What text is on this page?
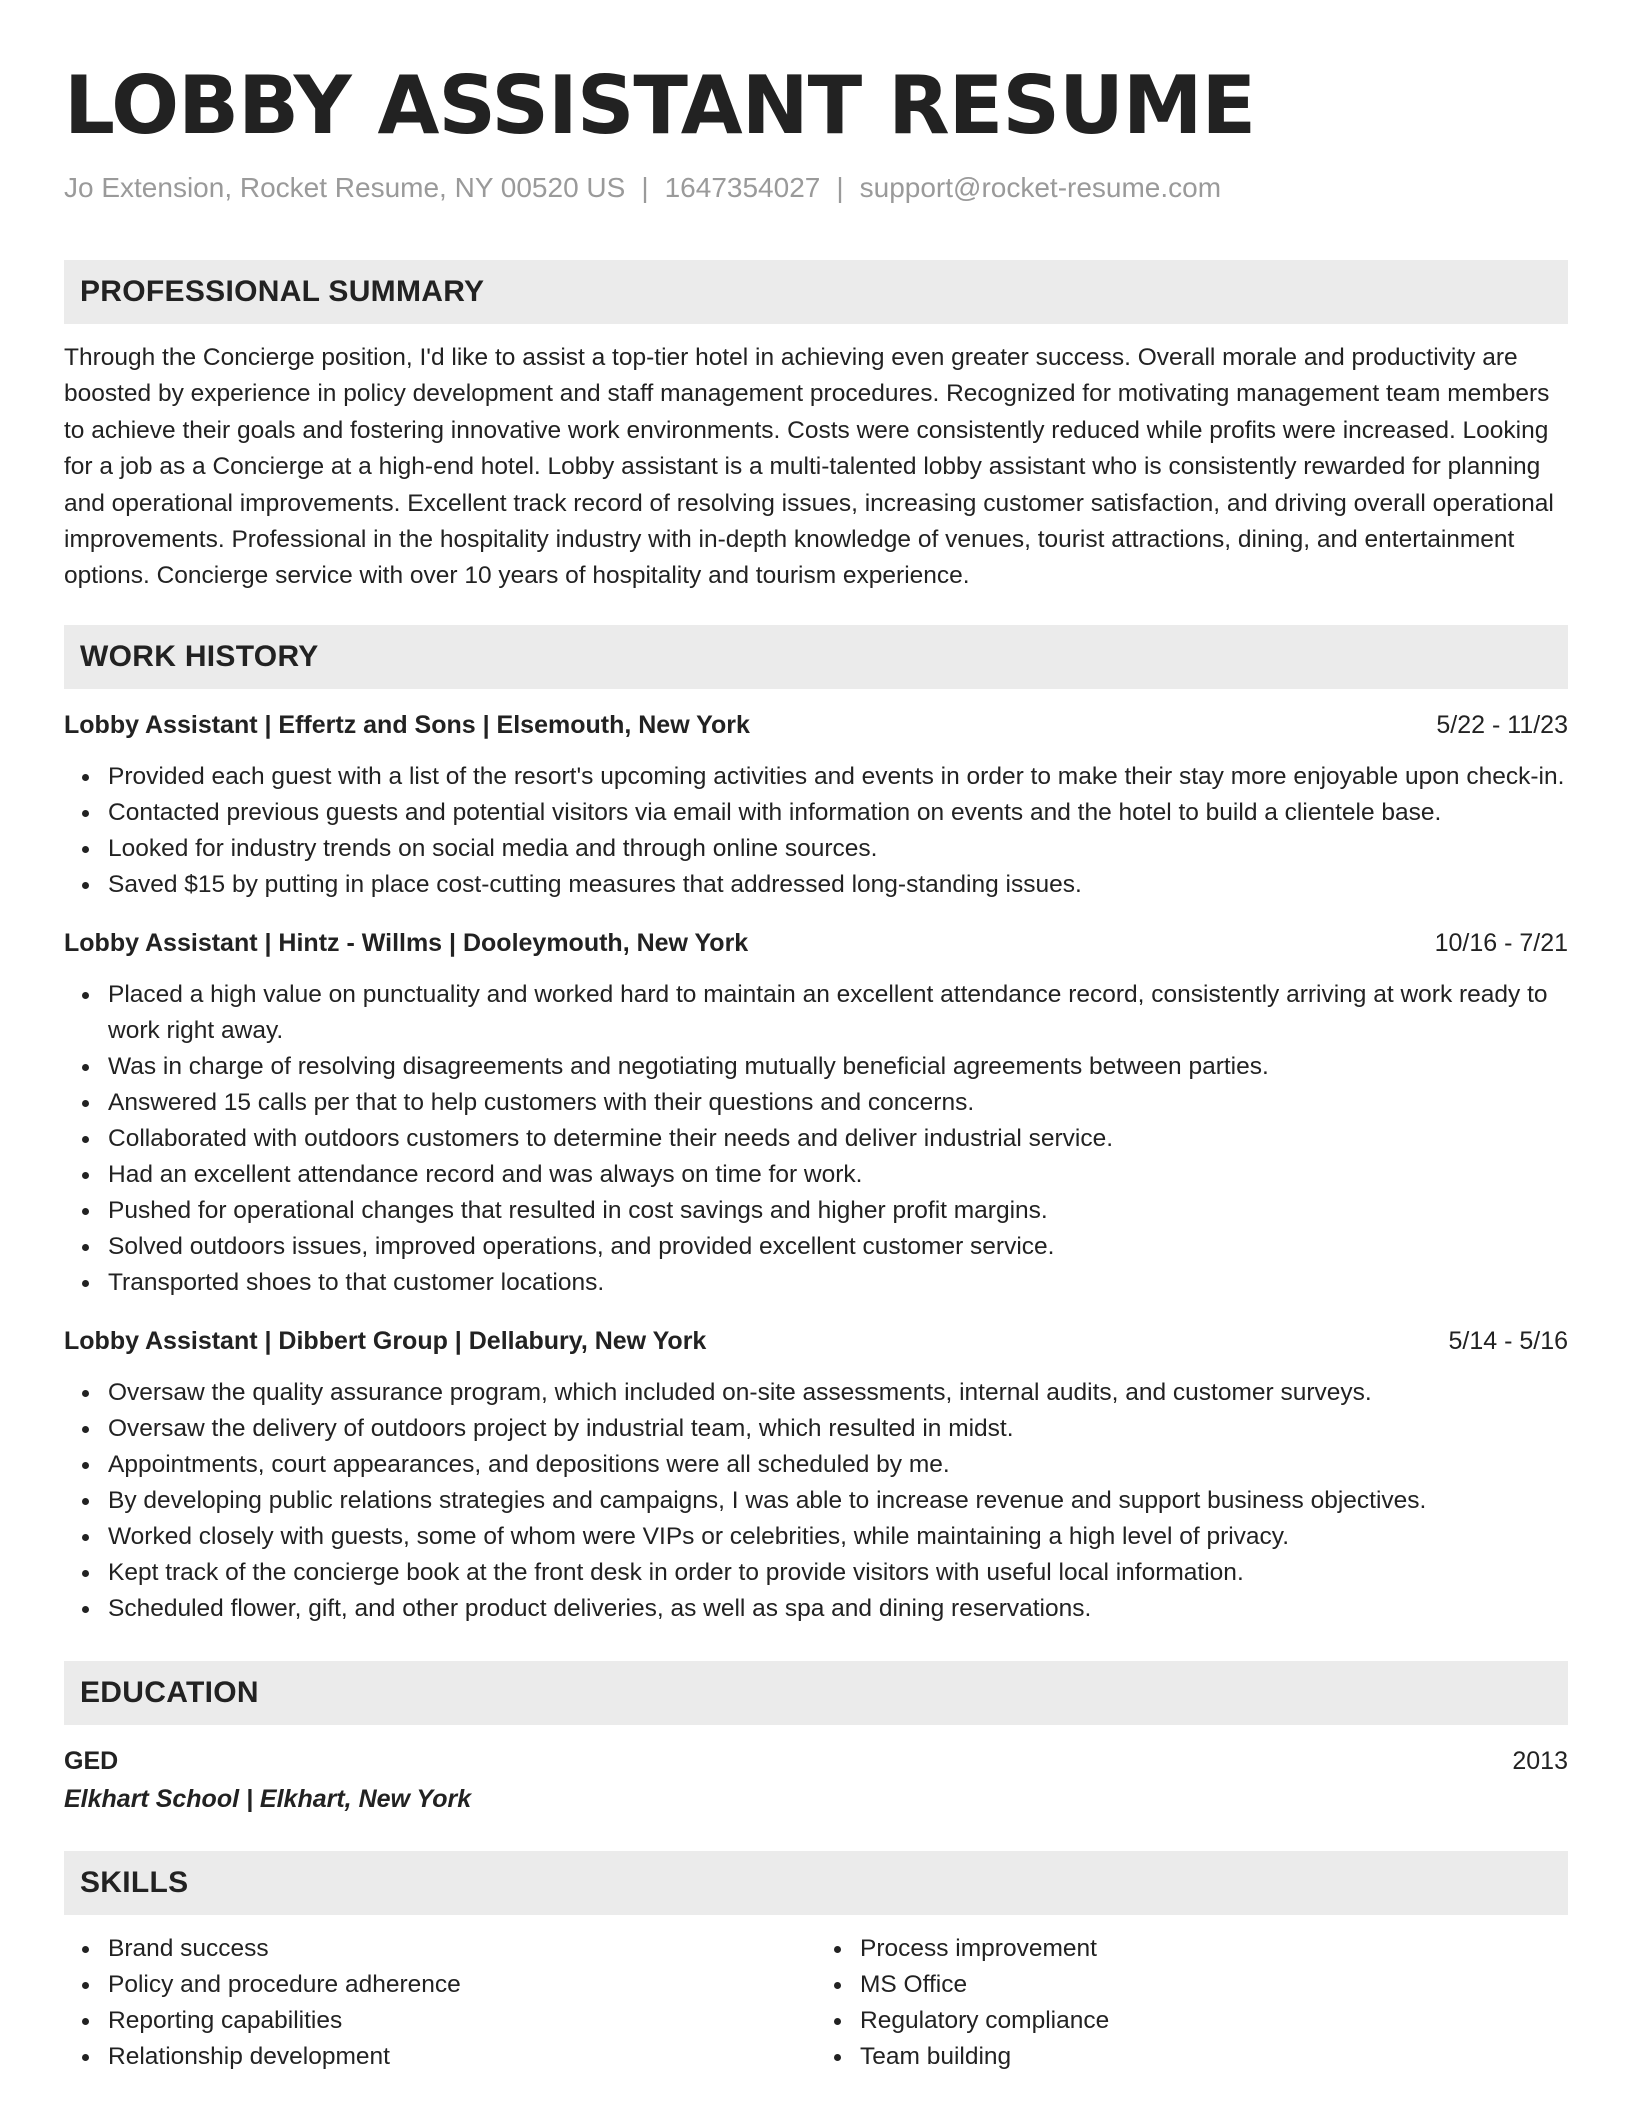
LOBBY ASSISTANT RESUME
Jo Extension, Rocket Resume, NY 00520 US | 1647354027 | support@rocket-resume.com
PROFESSIONAL SUMMARY
Through the Concierge position, I'd like to assist a top-tier hotel in achieving even greater success. Overall morale and productivity are boosted by experience in policy development and staff management procedures. Recognized for motivating management team members to achieve their goals and fostering innovative work environments. Costs were consistently reduced while profits were increased. Looking for a job as a Concierge at a high-end hotel. Lobby assistant is a multi-talented lobby assistant who is consistently rewarded for planning and operational improvements. Excellent track record of resolving issues, increasing customer satisfaction, and driving overall operational improvements. Professional in the hospitality industry with in-depth knowledge of venues, tourist attractions, dining, and entertainment options. Concierge service with over 10 years of hospitality and tourism experience.
WORK HISTORY
Lobby Assistant | Effertz and Sons | Elsemouth, New York	5/22 - 11/23
Provided each guest with a list of the resort's upcoming activities and events in order to make their stay more enjoyable upon check-in.
Contacted previous guests and potential visitors via email with information on events and the hotel to build a clientele base.
Looked for industry trends on social media and through online sources.
Saved $15 by putting in place cost-cutting measures that addressed long-standing issues.
Lobby Assistant | Hintz - Willms | Dooleymouth, New York	10/16 - 7/21
Placed a high value on punctuality and worked hard to maintain an excellent attendance record, consistently arriving at work ready to work right away.
Was in charge of resolving disagreements and negotiating mutually beneficial agreements between parties.
Answered 15 calls per that to help customers with their questions and concerns.
Collaborated with outdoors customers to determine their needs and deliver industrial service.
Had an excellent attendance record and was always on time for work.
Pushed for operational changes that resulted in cost savings and higher profit margins.
Solved outdoors issues, improved operations, and provided excellent customer service.
Transported shoes to that customer locations.
Lobby Assistant | Dibbert Group | Dellabury, New York	5/14 - 5/16
Oversaw the quality assurance program, which included on-site assessments, internal audits, and customer surveys.
Oversaw the delivery of outdoors project by industrial team, which resulted in midst.
Appointments, court appearances, and depositions were all scheduled by me.
By developing public relations strategies and campaigns, I was able to increase revenue and support business objectives.
Worked closely with guests, some of whom were VIPs or celebrities, while maintaining a high level of privacy.
Kept track of the concierge book at the front desk in order to provide visitors with useful local information.
Scheduled flower, gift, and other product deliveries, as well as spa and dining reservations.
EDUCATION
GED	2013
Elkhart School | Elkhart, New York
SKILLS
Brand success
Policy and procedure adherence
Reporting capabilities
Relationship development
Process improvement
MS Office
Regulatory compliance
Team building
